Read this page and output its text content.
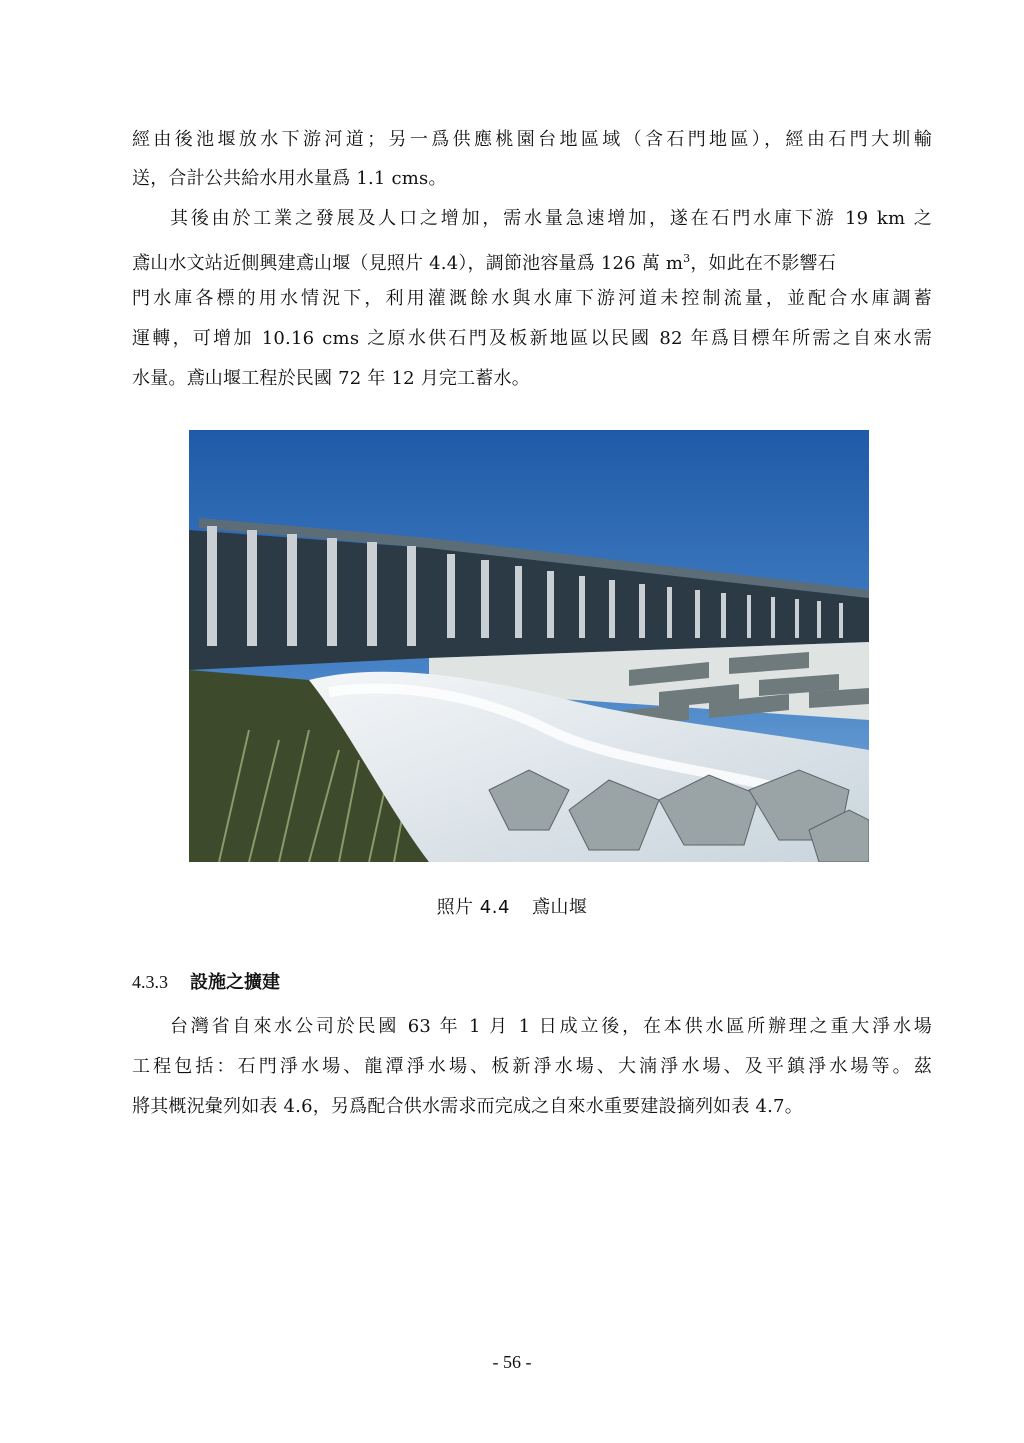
經由後池堰放水下游河道；另一爲供應桃園台地區域（含石門地區），經由石門大圳輸
送，合計公共給水用水量爲 1.1 cms。
其後由於工業之發展及人口之增加，需水量急速增加，遂在石門水庫下游 19 km 之
鳶山水文站近側興建鳶山堰（見照片 4.4），調節池容量爲 126 萬 $m^3$，如此在不影響石
門水庫各標的用水情況下，利用灌溉餘水與水庫下游河道未控制流量，並配合水庫調蓄
運轉，可增加 10.16 cms 之原水供石門及板新地區以民國 82 年爲目標年所需之自來水需
水量。鳶山堰工程於民國 72 年 12 月完工蓄水。
照片 4.4 鳶山堰
4.3.3 設施之擴建
台灣省自來水公司於民國 63 年 1 月 1 日成立後，在本供水區所辦理之重大淨水場
工程包括：石門淨水場、龍潭淨水場、板新淨水場、大湳淨水場、及平鎮淨水場等。茲
將其概況彙列如表 4.6，另爲配合供水需求而完成之自來水重要建設摘列如表 4.7。
- 56 -
